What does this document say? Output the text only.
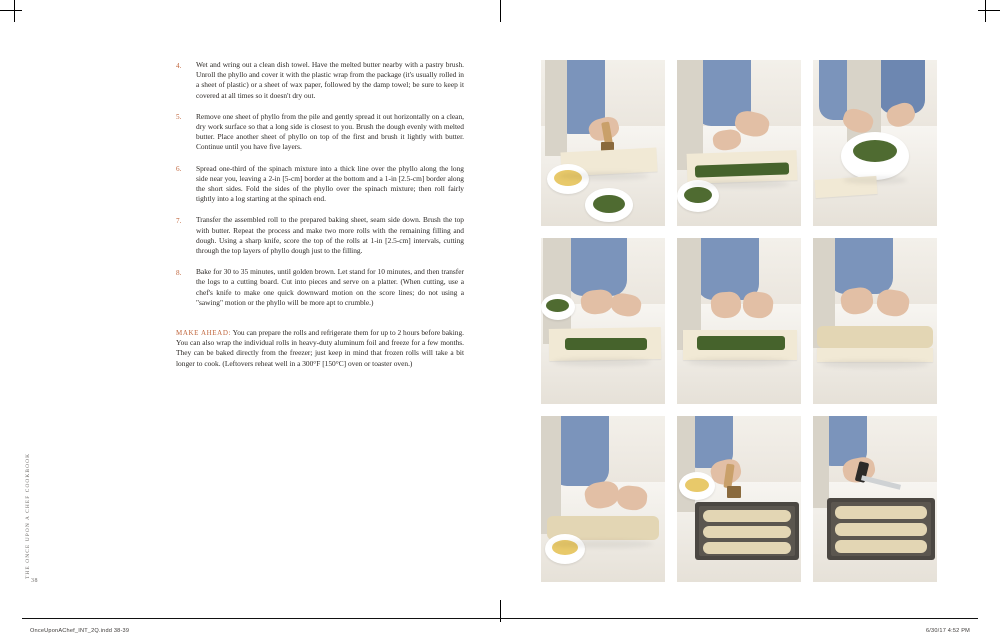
4.	Wet and wring out a clean dish towel. Have the melted butter nearby with a pastry brush. Unroll the phyllo and cover it with the plastic wrap from the package (it's usually rolled in a sheet of plastic) or a sheet of wax paper, followed by the damp towel; be sure to keep it covered at all times so it doesn't dry out.
5.	Remove one sheet of phyllo from the pile and gently spread it out horizontally on a clean, dry work surface so that a long side is closest to you. Brush the dough evenly with melted butter. Place another sheet of phyllo on top of the first and brush it lightly with butter. Continue until you have five layers.
6.	Spread one-third of the spinach mixture into a thick line over the phyllo along the long side near you, leaving a 2-in [5-cm] border at the bottom and a 1-in [2.5-cm] border along the short sides. Fold the sides of the phyllo over the spinach mixture; then roll fairly tightly into a log starting at the spinach end.
7.	Transfer the assembled roll to the prepared baking sheet, seam side down. Brush the top with butter. Repeat the process and make two more rolls with the remaining filling and dough. Using a sharp knife, score the top of the rolls at 1-in [2.5-cm] intervals, cutting through the top layers of phyllo dough just to the filling.
8.	Bake for 30 to 35 minutes, until golden brown. Let stand for 10 minutes, and then transfer the logs to a cutting board. Cut into pieces and serve on a platter. (When cutting, use a chef's knife to make one quick downward motion on the score lines; do not using a "sawing" motion or the phyllo will be more apt to crumble.)
MAKE AHEAD: You can prepare the rolls and refrigerate them for up to 2 hours before baking. You can also wrap the individual rolls in heavy-duty aluminum foil and freeze for a few months. They can be baked directly from the freezer; just keep in mind that frozen rolls will take a bit longer to cook. (Leftovers reheat well in a 300°F [150°C] oven or toaster oven.)
THE ONCE UPON A CHEF COOKBOOK
38
OnceUponAChef_INT_2Q.indd 38-39	6/30/17 4:52 PM
